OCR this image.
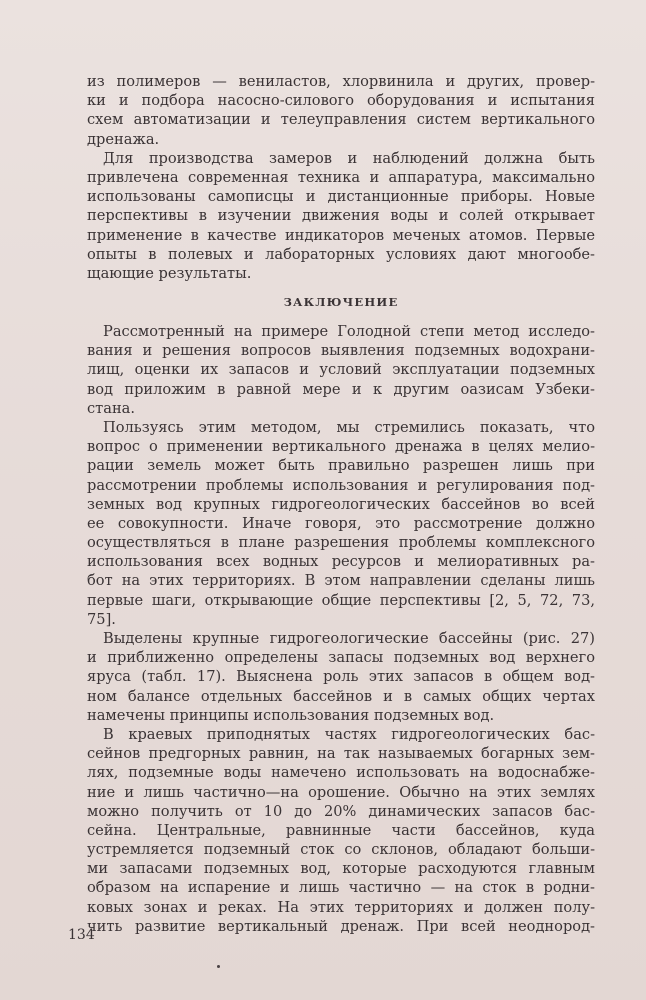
из полимеров — вениластов, хлорвинила и других, провер-
ки и подбора насосно-силового оборудования и испытания
схем автоматизации и телеуправления систем вертикального
дренажа.
Для производства замеров и наблюдений должна быть
привлечена современная техника и аппаратура, максимально
использованы самописцы и дистанционные приборы. Новые
перспективы в изучении движения воды и солей открывает
применение в качестве индикаторов меченых атомов. Первые
опыты в полевых и лабораторных условиях дают многообе-
щающие результаты.
ЗАКЛЮЧЕНИЕ
Рассмотренный на примере Голодной степи метод исследо-
вания и решения вопросов выявления подземных водохрани-
лищ, оценки их запасов и условий эксплуатации подземных
вод приложим в равной мере и к другим оазисам Узбеки-
стана.
Пользуясь этим методом, мы стремились показать, что
вопрос о применении вертикального дренажа в целях мелио-
рации земель может быть правильно разрешен лишь при
рассмотрении проблемы использования и регулирования под-
земных вод крупных гидрогеологических бассейнов во всей
ее совокупности. Иначе говоря, это рассмотрение должно
осуществляться в плане разрешения проблемы комплексного
использования всех водных ресурсов и мелиоративных ра-
бот на этих территориях. В этом направлении сделаны лишь
первые шаги, открывающие общие перспективы [2, 5, 72, 73,
75].
Выделены крупные гидрогеологические бассейны (рис. 27)
и приближенно определены запасы подземных вод верхнего
яруса (табл. 17). Выяснена роль этих запасов в общем вод-
ном балансе отдельных бассейнов и в самых общих чертах
намечены принципы использования подземных вод.
В краевых приподнятых частях гидрогеологических бас-
сейнов предгорных равнин, на так называемых богарных зем-
лях, подземные воды намечено использовать на водоснабже-
ние и лишь частично—на орошение. Обычно на этих землях
можно получить от 10 до 20% динамических запасов бас-
сейна. Центральные, равнинные части бассейнов, куда
устремляется подземный сток со склонов, обладают больши-
ми запасами подземных вод, которые расходуются главным
образом на испарение и лишь частично — на сток в родни-
ковых зонах и реках. На этих территориях и должен полу-
чить развитие вертикальный дренаж. При всей неоднород-
134
